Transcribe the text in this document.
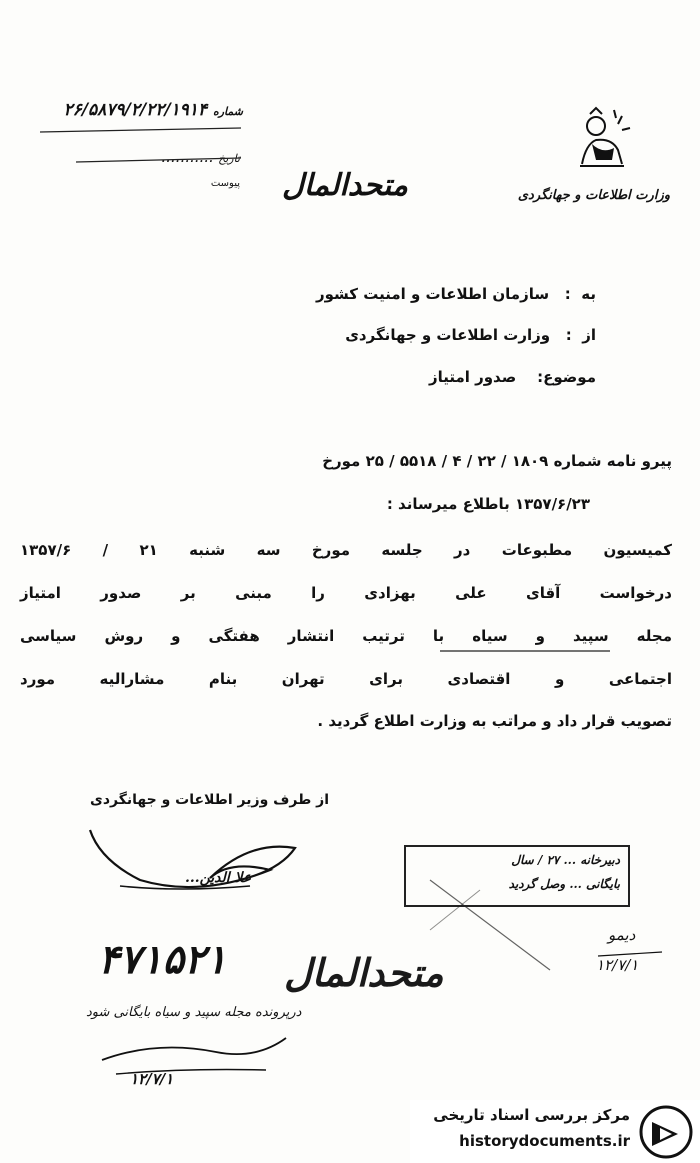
وزارت اطلاعات و جهانگردی
متحدالمال
شماره ۲۶/۵۸۷۹/۲/۲۲/۱۹۱۴
تاریخ ...........
پیوست
به  :   سازمان اطلاعات و امنیت کشور
از  :   وزارت اطلاعات و جهانگردی
موضوع:    صدور امتیاز
پیرو نامه شماره ۱۸۰۹ / ۲۲ / ۴ / ۵۵۱۸ / ۲۵ مورخ
۱۳۵۷/۶/۲۳ باطلاع میرساند :
کمیسیون مطبوعات در جلسه مورخ سه شنبه ۲۱ / ۱۳۵۷/۶
درخواست آقای علی بهزادی را مبنی بر صدور امتیاز
مجله سپید و سیاه با ترتیب انتشار هفتگی و روش سیاسی
اجتماعی و اقتصادی برای تهران بنام مشارالیه مورد
تصویب قرار داد و مراتب به وزارت اطلاع گردید .
از طرف وزیر اطلاعات و جهانگردی
علا الدین...
دبیرخانه ... ۲۷ / سال
بایگانی ... وصل گردید
دیمو
۱۲/۷/۱
۴۷۱۵۲۱ متحدالمال
درپرونده مجله سپید و سیاه بایگانی شود
۱۲/۷/۱
مرکز بررسی اسناد تاریخی
historydocuments.ir
